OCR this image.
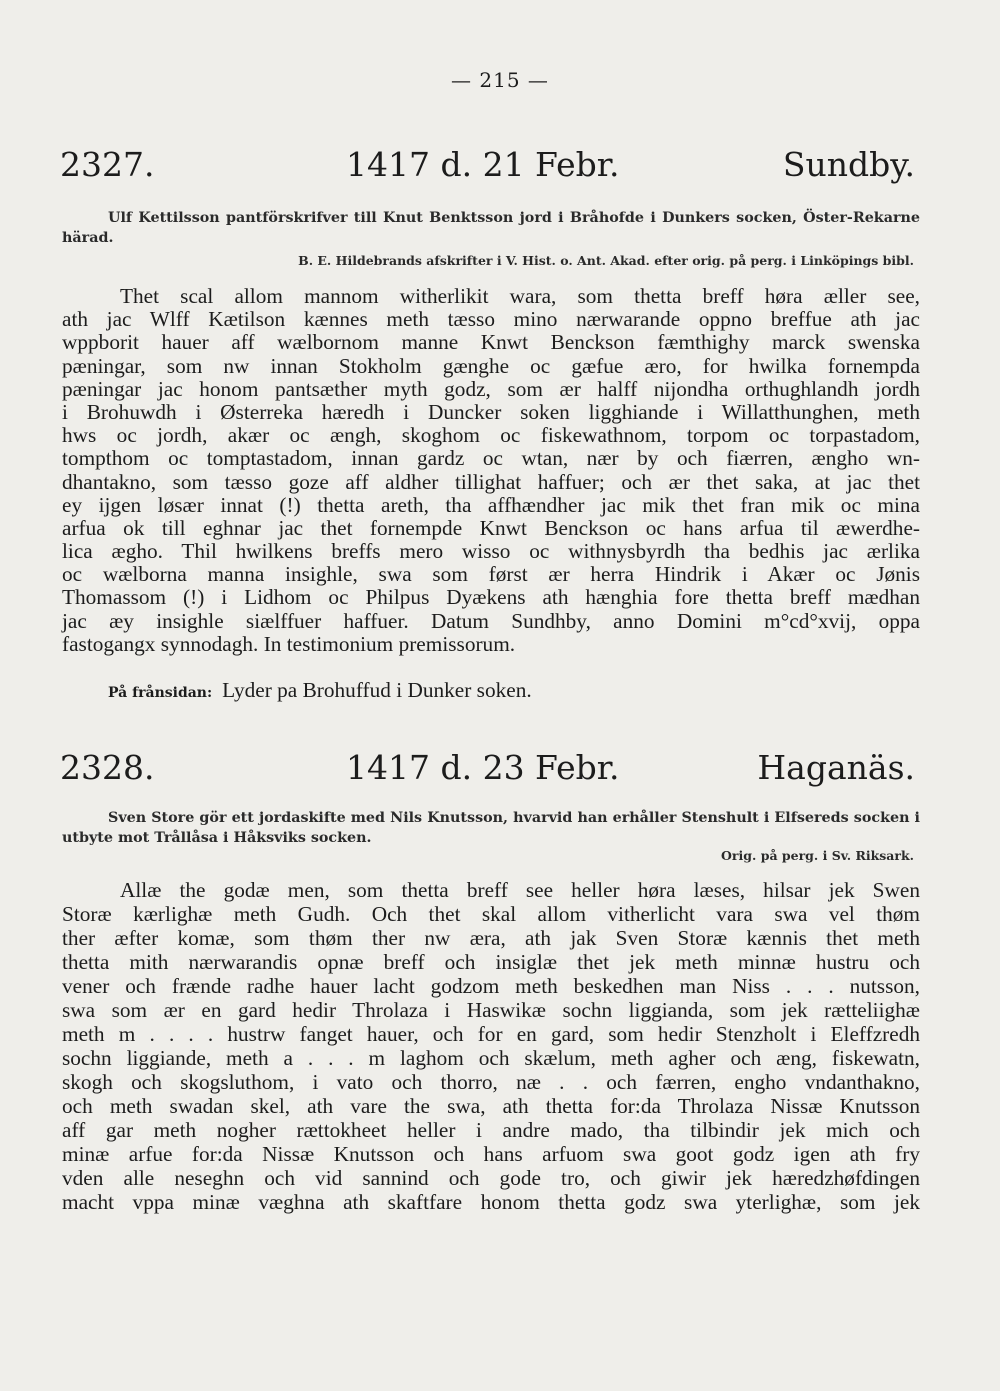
— 215 —
2327.	1417 d. 21 Febr.	Sundby.
Ulf Kettilsson pantförskrifver till Knut Benktsson jord i Bråhofde i Dunkers socken, Öster-Rekarne härad.
B. E. Hildebrands afskrifter i V. Hist. o. Ant. Akad. efter orig. på perg. i Linköpings bibl.
Thet scal allom mannom witherlikit wara, som thetta breff høra æller see,
ath jac Wlff Kætilson kænnes meth tæsso mino nærwarande oppno breffue ath jac
wppborit hauer aff wælbornom manne Knwt Benckson fæmthighy marck swenska
pæningar, som nw innan Stokholm gænghe oc gæfue æro, for hwilka fornempda
pæningar jac honom pantsæther myth godz, som ær halff nijondha orthughlandh jordh
i Brohuwdh i Østerreka hæredh i Duncker soken ligghiande i Willatthunghen, meth
hws oc jordh, akær oc ængh, skoghom oc fiskewathnom, torpom oc torpastadom,
tompthom oc tomptastadom, innan gardz oc wtan, nær by och fiærren, ængho wn-
dhantakno, som tæsso goze aff aldher tillighat haffuer; och ær thet saka, at jac thet
ey ijgen løsær innat (!) thetta areth, tha affhændher jac mik thet fran mik oc mina
arfua ok till eghnar jac thet fornempde Knwt Benckson oc hans arfua til æwerdhe-
lica ægho. Thil hwilkens breffs mero wisso oc withnysbyrdh tha bedhis jac ærlika
oc wælborna manna insighle, swa som først ær herra Hindrik i Akær oc Jønis
Thomassom (!) i Lidhom oc Philpus Dyækens ath hænghia fore thetta breff mædhan
jac æy insighle siælffuer haffuer. Datum Sundhby, anno Domini m°cd°xvij, oppa
fastogangx synnodagh. In testimonium premissorum.
På frånsidan: Lyder pa Brohuffud i Dunker soken.
2328.	1417 d. 23 Febr.	Haganäs.
Sven Store gör ett jordaskifte med Nils Knutsson, hvarvid han erhåller Stenshult i Elfsereds socken i utbyte mot Trållåsa i Håksviks socken.
Orig. på perg. i Sv. Riksark.
Allæ the godæ men, som thetta breff see heller høra læses, hilsar jek Swen
Storæ kærlighæ meth Gudh. Och thet skal allom vitherlicht vara swa vel thøm
ther æfter komæ, som thøm ther nw æra, ath jak Sven Storæ kænnis thet meth
thetta mith nærwarandis opnæ breff och insiglæ thet jek meth minnæ hustru och
vener och frænde radhe hauer lacht godzom meth beskedhen man Niss . . . nutsson,
swa som ær en gard hedir Throlaza i Haswikæ sochn liggianda, som jek rætteliighæ
meth m . . . . hustrw fanget hauer, och for en gard, som hedir Stenzholt i Eleffzredh
sochn liggiande, meth a . . . m laghom och skælum, meth agher och æng, fiskewatn,
skogh och skogsluthom, i vato och thorro, næ . . och færren, engho vndanthakno,
och meth swadan skel, ath vare the swa, ath thetta for:da Throlaza Nissæ Knutsson
aff gar meth nogher rættokheet heller i andre mado, tha tilbindir jek mich och
minæ arfue for:da Nissæ Knutsson och hans arfuom swa goot godz igen ath fry
vden alle neseghn och vid sannind och gode tro, och giwir jek hæredzhøfdingen
macht vppa minæ væghna ath skaftfare honom thetta godz swa yterlighæ, som jek
